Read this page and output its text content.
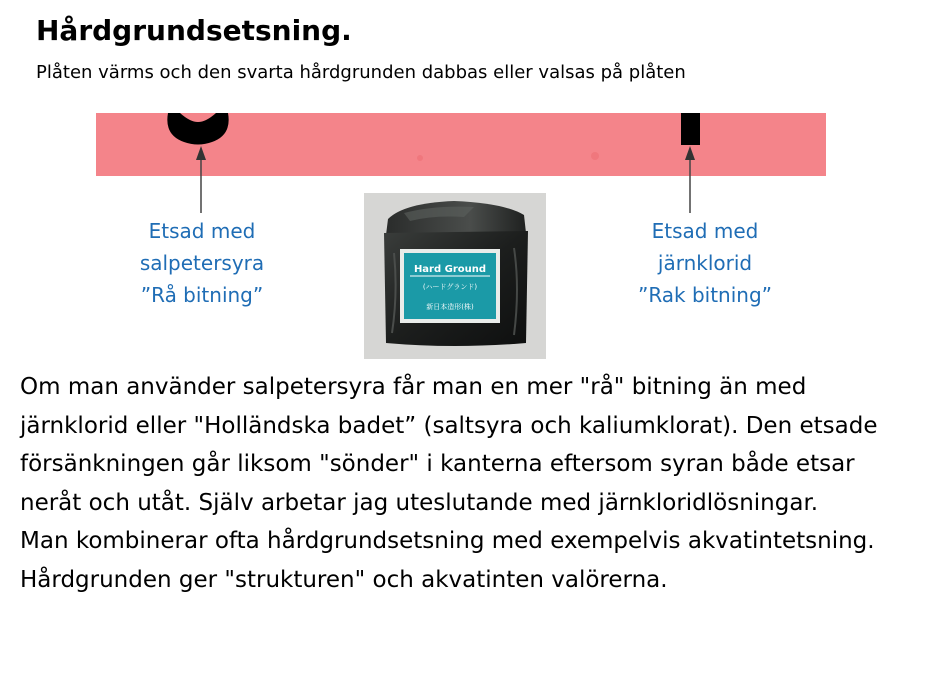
Hårdgrundsetsning.
Plåten värms och den svarta hårdgrunden dabbas eller valsas på plåten
Etsad med
salpetersyra
”Rå bitning”
Etsad med
järnklorid
”Rak bitning”
Hard Ground
(ハードグランド)
新日本造形(株)

Om man använder salpetersyra får man en mer "rå" bitning än med järnklorid eller "Holländska badet” (saltsyra och kaliumklorat). Den etsade försänkningen går liksom "sönder" i kanterna eftersom syran både etsar neråt och utåt. Själv arbetar jag uteslutande med järnkloridlösningar.

Man kombinerar ofta hårdgrundsetsning med exempelvis akvatintetsning. Hårdgrunden ger "strukturen" och akvatinten valörerna.
